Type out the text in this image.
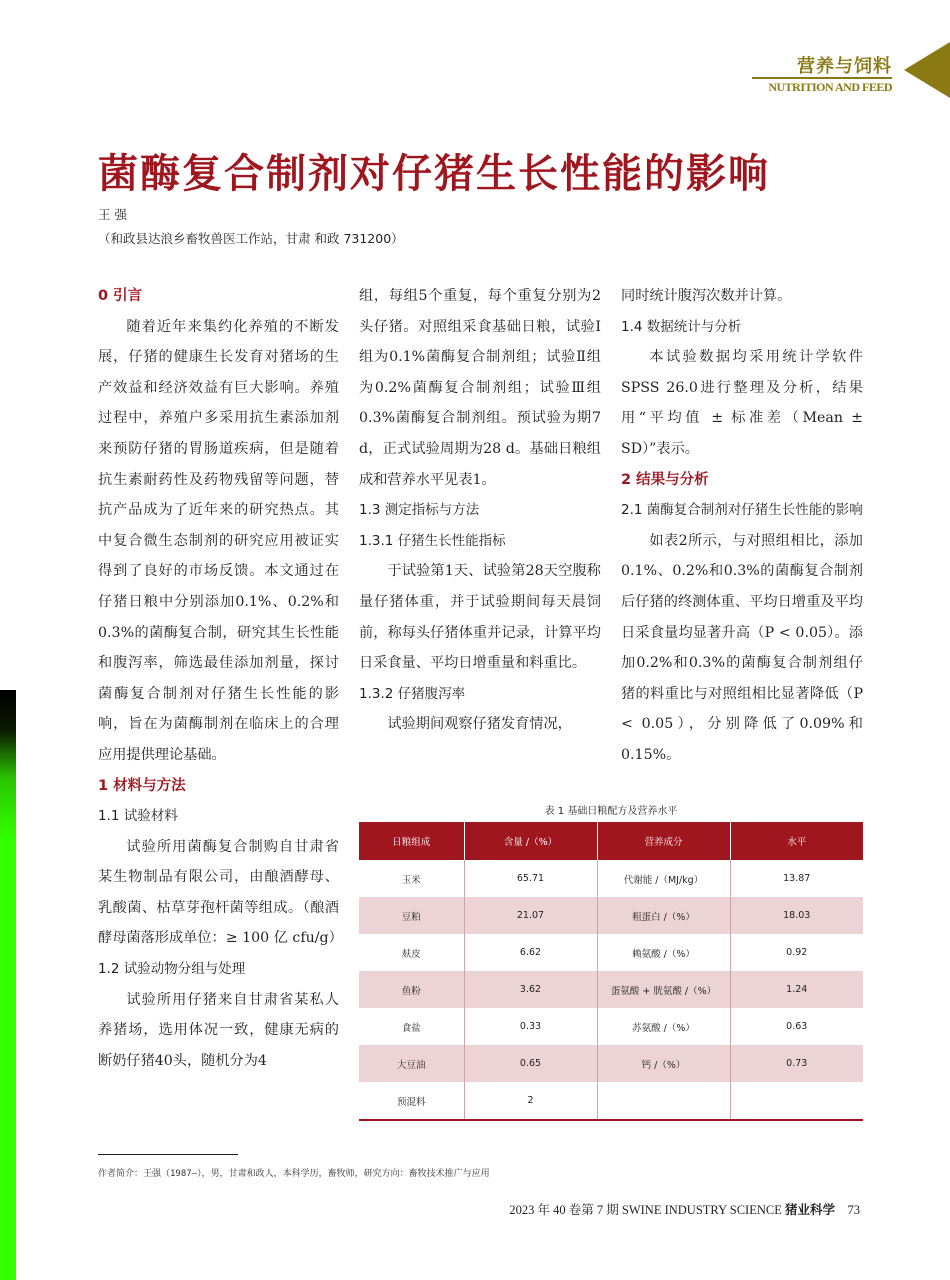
营养与饲料
NUTRITION AND FEED
菌酶复合制剂对仔猪生长性能的影响
王 强
（和政县达浪乡畜牧兽医工作站，甘肃 和政 731200）
0 引言

随着近年来集约化养殖的不断发展，仔猪的健康生长发育对猪场的生产效益和经济效益有巨大影响。养殖过程中，养殖户多采用抗生素添加剂来预防仔猪的胃肠道疾病，但是随着抗生素耐药性及药物残留等问题，替抗产品成为了近年来的研究热点。其中复合微生态制剂的研究应用被证实得到了良好的市场反馈。本文通过在仔猪日粮中分别添加0.1%、0.2%和0.3%的菌酶复合制，研究其生长性能和腹泻率，筛选最佳添加剂量，探讨菌酶复合制剂对仔猪生长性能的影响，旨在为菌酶制剂在临床上的合理应用提供理论基础。

1 材料与方法
1.1 试验材料

试验所用菌酶复合制购自甘肃省某生物制品有限公司，由酿酒酵母、乳酸菌、枯草芽孢杆菌等组成。（酿酒酵母菌落形成单位：≥ 100 亿 cfu/g）

1.2 试验动物分组与处理

试验所用仔猪来自甘肃省某私人养猪场，选用体况一致，健康无病的断奶仔猪40头，随机分为4

组，每组5个重复，每个重复分别为2头仔猪。对照组采食基础日粮，试验Ⅰ组为0.1%菌酶复合制剂组；试验Ⅱ组为0.2%菌酶复合制剂组；试验Ⅲ组0.3%菌酶复合制剂组。预试验为期7 d，正式试验周期为28 d。基础日粮组成和营养水平见表1。

1.3 测定指标与方法
1.3.1 仔猪生长性能指标

于试验第1天、试验第28天空腹称量仔猪体重，并于试验期间每天晨饲前，称每头仔猪体重并记录，计算平均日采食量、平均日增重量和料重比。

1.3.2 仔猪腹泻率

试验期间观察仔猪发育情况，

同时统计腹泻次数并计算。

1.4 数据统计与分析

本试验数据均采用统计学软件SPSS 26.0进行整理及分析，结果用“平均值 ± 标准差（Mean ± SD）”表示。

2 结果与分析
2.1 菌酶复合制剂对仔猪生长性能的影响

如表2所示，与对照组相比，添加0.1%、0.2%和0.3%的菌酶复合制剂后仔猪的终测体重、平均日增重及平均日采食量均显著升高（P < 0.05）。添加0.2%和0.3%的菌酶复合制剂组仔猪的料重比与对照组相比显著降低（P < 0.05），分别降低了0.09%和0.15%。

表 1 基础日粮配方及营养水平
日粮组成	含量 /（%）	营养成分	水平
玉米	65.71	代谢能 /（MJ/kg）	13.87
豆粕	21.07	粗蛋白 /（%）	18.03
麸皮	6.62	赖氨酸 /（%）	0.92
鱼粉	3.62	蛋氨酸 + 胱氨酸 /（%）	1.24
食盐	0.33	苏氨酸 /（%）	0.63
大豆油	0.65	钙 /（%）	0.73
预混料	2		
作者简介：王强（1987—），男，甘肃和政人，本科学历，畜牧师，研究方向：畜牧技术推广与应用
2023 年 40 卷第 7 期 SWINE INDUSTRY SCIENCE 猪业科学 73
